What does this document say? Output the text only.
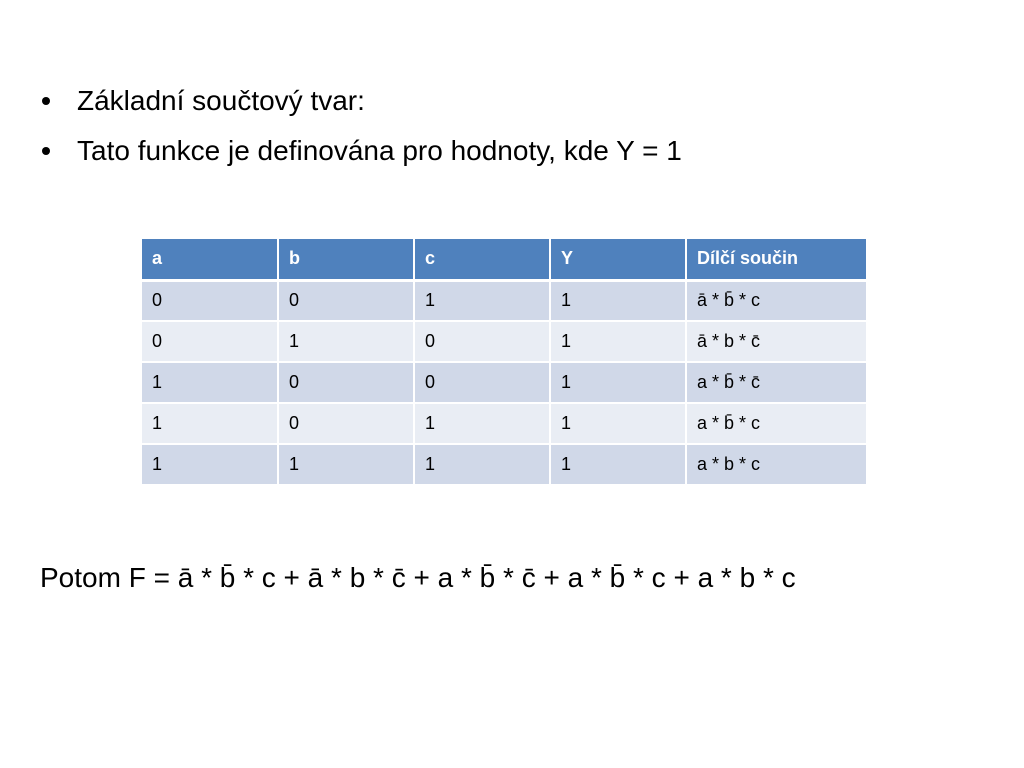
Základní součtový tvar:
Tato funkce je definována pro hodnoty, kde Y = 1
a	b	c	Y	Dílčí součin
0	0	1	1	ā * b̄ * c
0	1	0	1	ā * b * c̄
1	0	0	1	a * b̄ * c̄
1	0	1	1	a * b̄ * c
1	1	1	1	a * b * c
Potom F = ā * b̄ * c + ā * b * c̄ + a * b̄ * c̄ + a * b̄ * c + a * b * c
